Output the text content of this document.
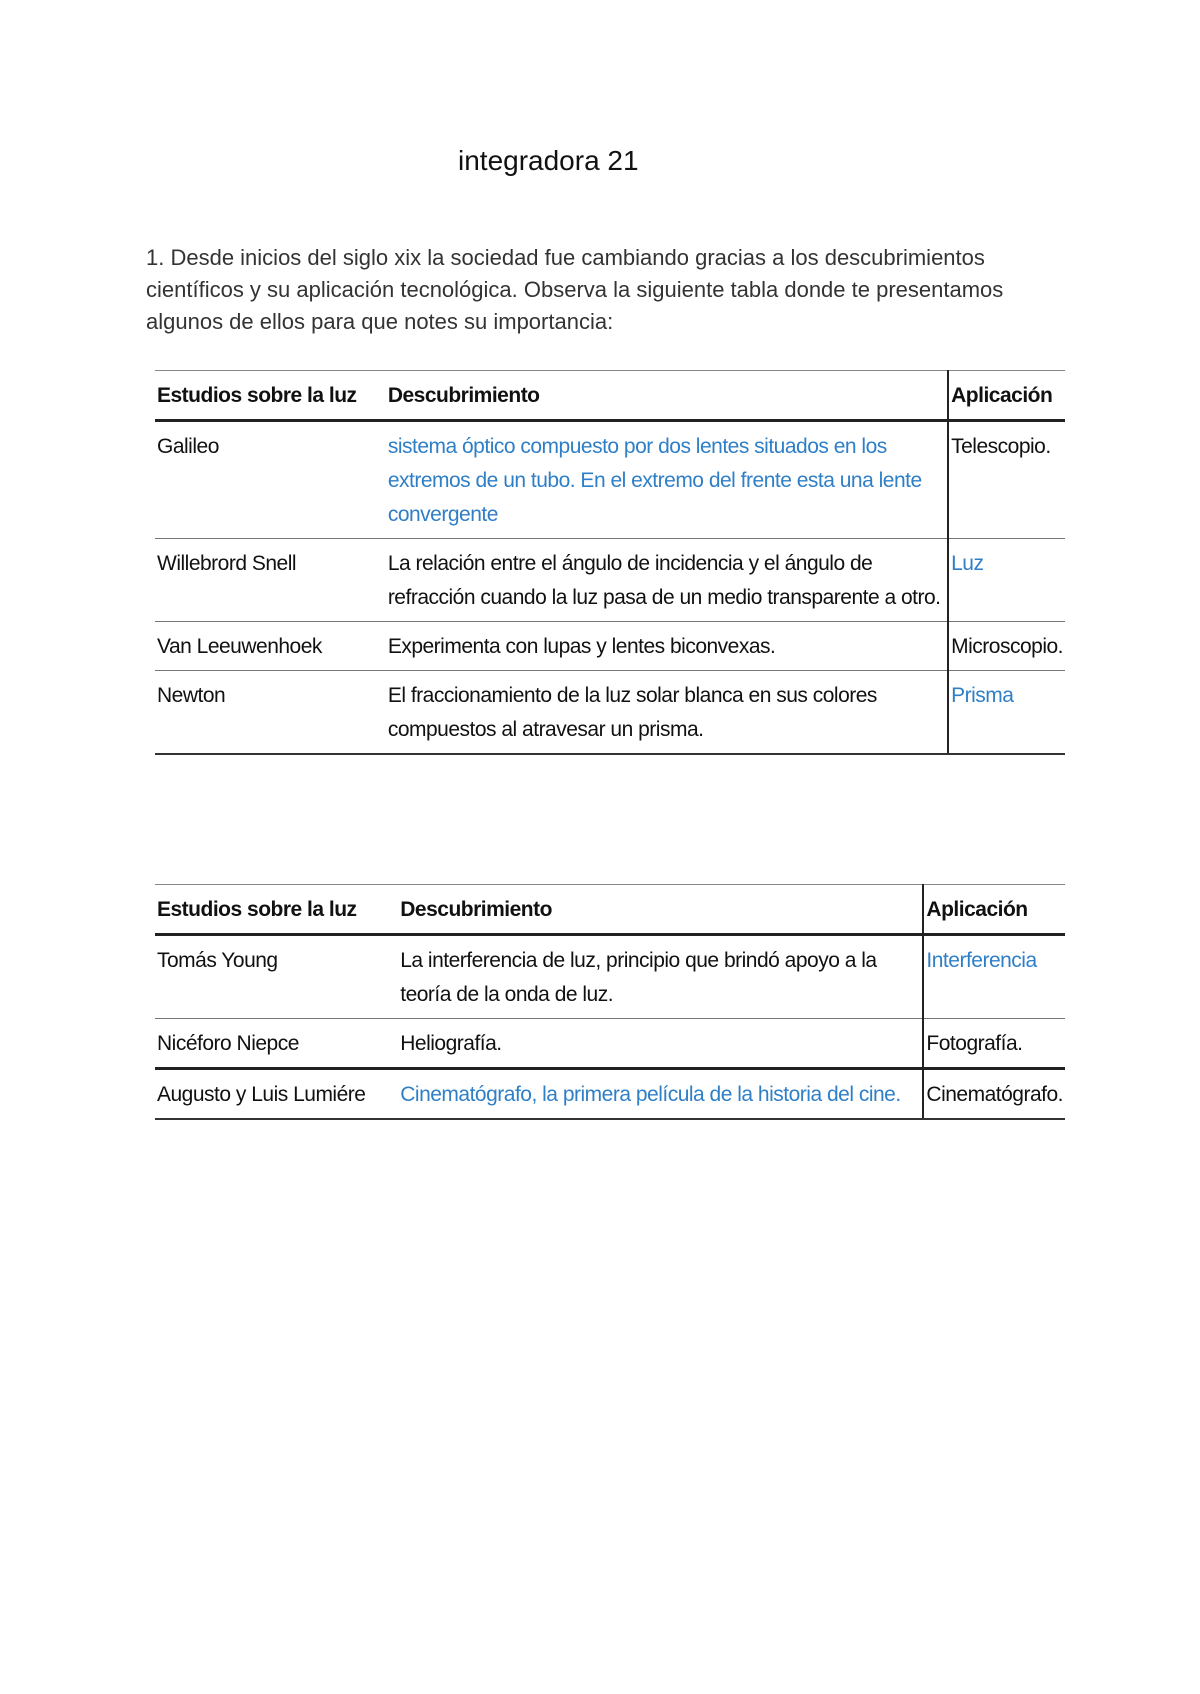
integradora 21

1. Desde inicios del siglo xix la sociedad fue cambiando gracias a los descubrimientos científicos y su aplicación tecnológica. Observa la siguiente tabla donde te presentamos algunos de ellos para que notes su importancia:

Estudios sobre la luz	Descubrimiento	Aplicación
Galileo	sistema óptico compuesto por dos lentes situados en los extremos de un tubo. En el extremo del frente esta una lente convergente	Telescopio.
Willebrord Snell	La relación entre el ángulo de incidencia y el ángulo de refracción cuando la luz pasa de un medio transparente a otro.	Luz
Van Leeuwenhoek	Experimenta con lupas y lentes biconvexas.	Microscopio.
Newton	El fraccionamiento de la luz solar blanca en sus colores compuestos al atravesar un prisma.	Prisma
Estudios sobre la luz	Descubrimiento	Aplicación
Tomás Young	La interferencia de luz, principio que brindó apoyo a la teoría de la onda de luz.	Interferencia
Nicéforo Niepce	Heliografía.	Fotografía.
Augusto y Luis Lumiére	Cinematógrafo, la primera película de la historia del cine.	Cinematógrafo.
